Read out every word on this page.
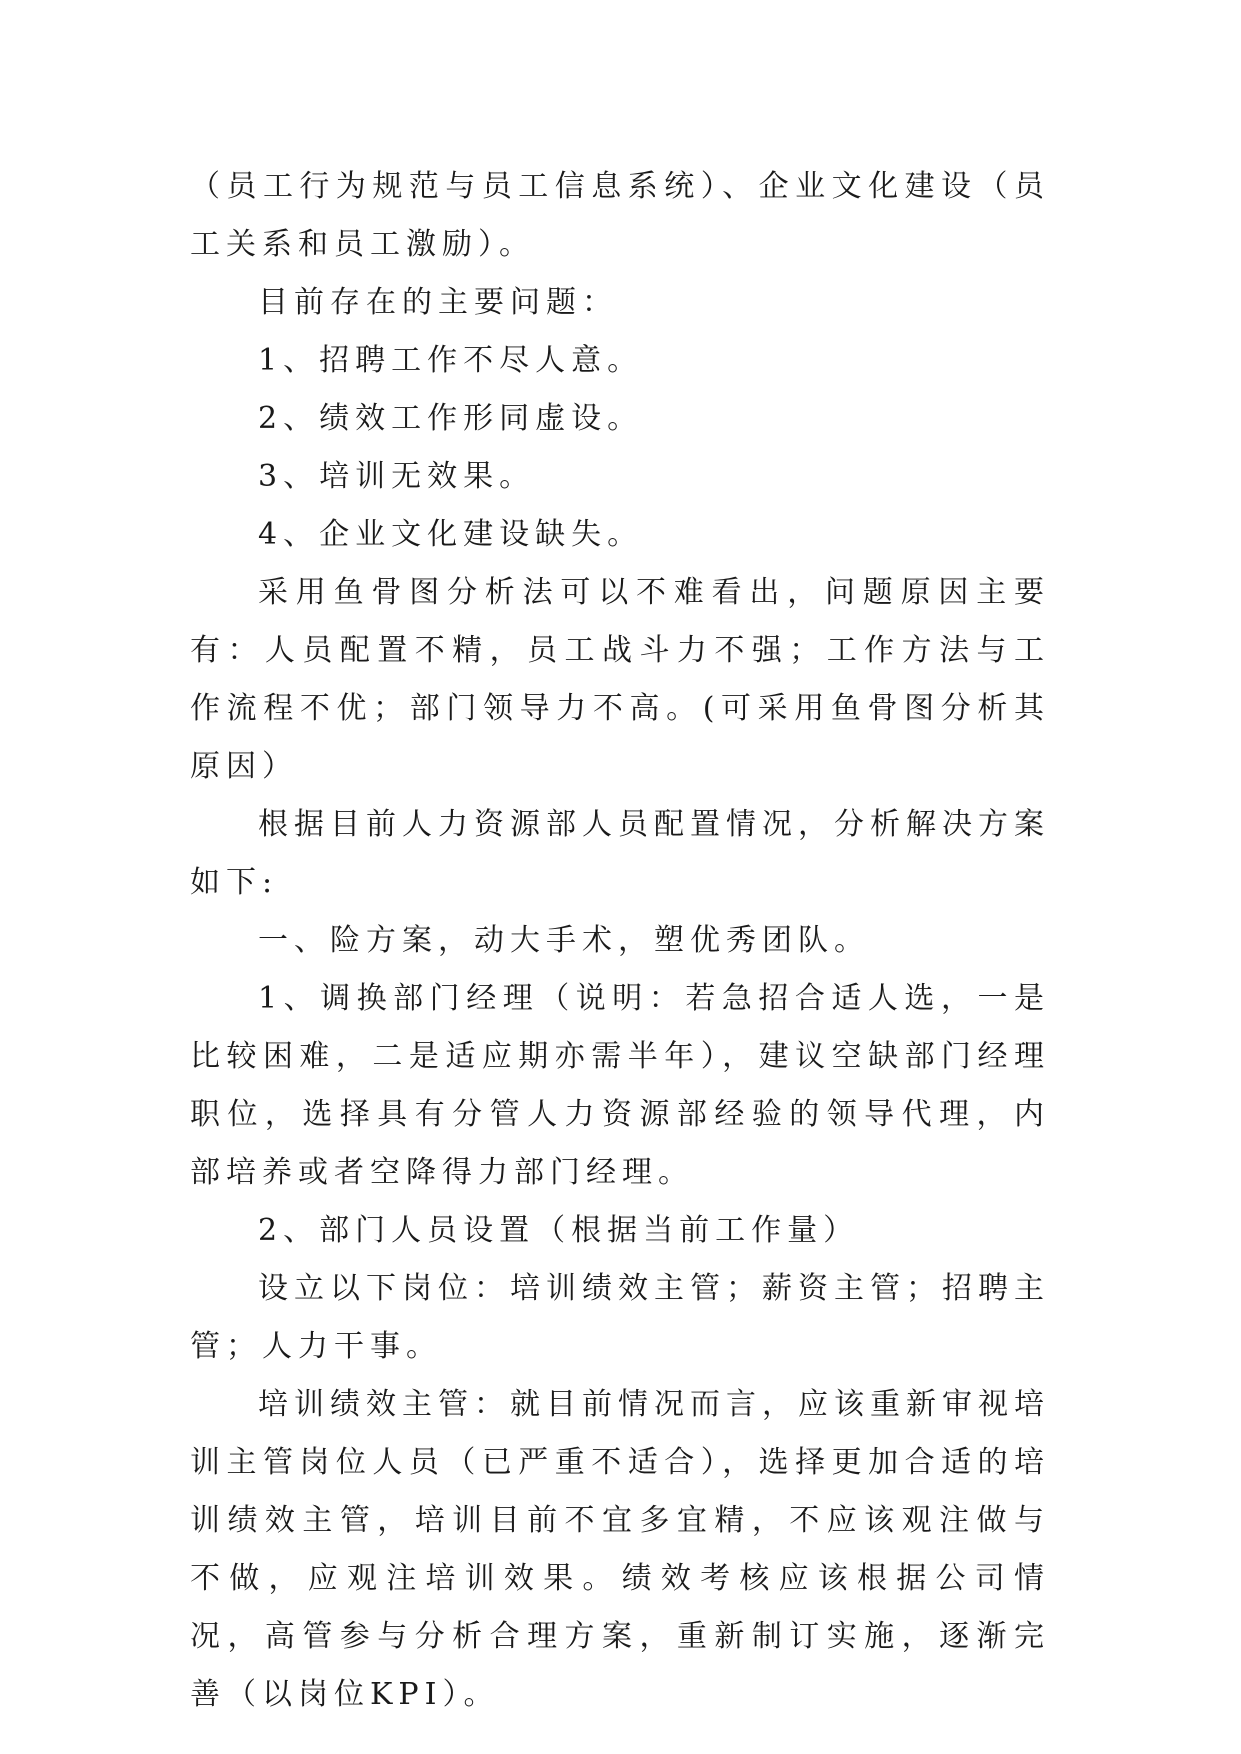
（员工行为规范与员工信息系统）、企业文化建设（员工关系和员工激励）。

目前存在的主要问题：

1、招聘工作不尽人意。

2、绩效工作形同虚设。

3、培训无效果。

4、企业文化建设缺失。

采用鱼骨图分析法可以不难看出，问题原因主要有：人员配置不精，员工战斗力不强；工作方法与工作流程不优；部门领导力不高。(可采用鱼骨图分析其原因）

根据目前人力资源部人员配置情况，分析解决方案如下:

一、险方案，动大手术，塑优秀团队。

1、调换部门经理（说明：若急招合适人选，一是比较困难，二是适应期亦需半年），建议空缺部门经理职位，选择具有分管人力资源部经验的领导代理，内部培养或者空降得力部门经理。

2、部门人员设置（根据当前工作量）

设立以下岗位：培训绩效主管；薪资主管；招聘主管；人力干事。

培训绩效主管：就目前情况而言，应该重新审视培训主管岗位人员（已严重不适合），选择更加合适的培训绩效主管，培训目前不宜多宜精，不应该观注做与不做，应观注培训效果。绩效考核应该根据公司情况，高管参与分析合理方案，重新制订实施，逐渐完善（以岗位KPI）。
